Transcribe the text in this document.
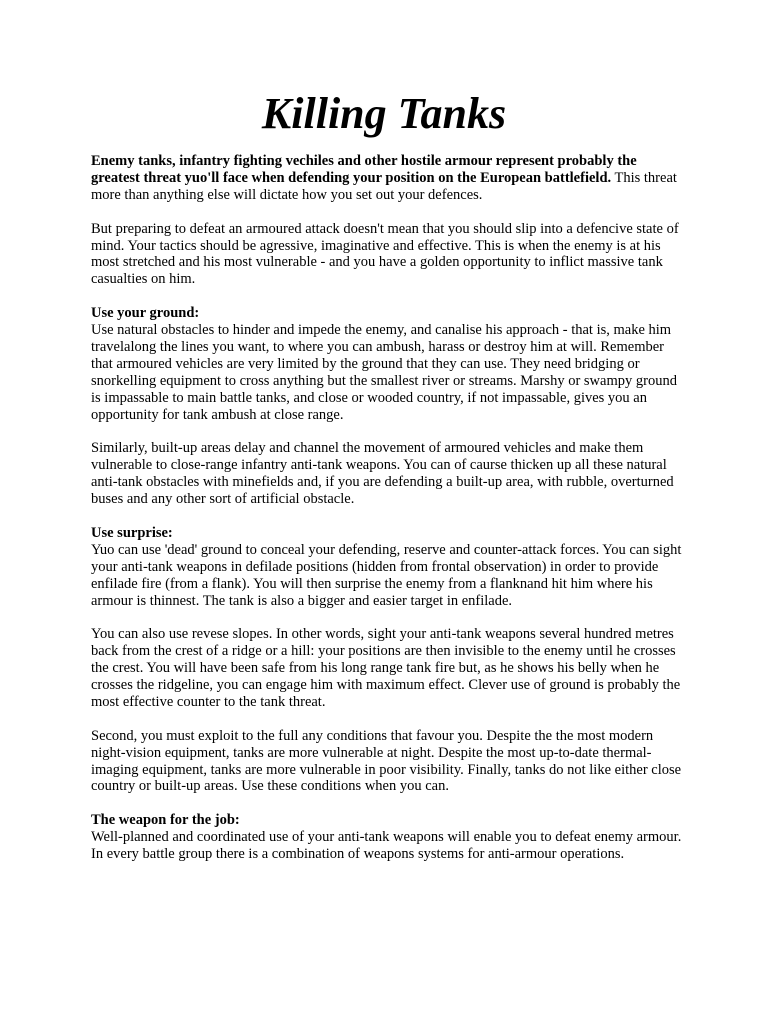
Killing Tanks

Enemy tanks, infantry fighting vechiles and other hostile armour represent probably the greatest threat yuo'll face when defending your position on the European battlefield. This threat more than anything else will dictate how you set out your defences.

But preparing to defeat an armoured attack doesn't mean that you should slip into a defencive state of mind. Your tactics should be agressive, imaginative and effective. This is when the enemy is at his most stretched and his most vulnerable - and you have a golden opportunity to inflict massive tank casualties on him.

Use your ground:
Use natural obstacles to hinder and impede the enemy, and canalise his approach - that is, make him travelalong the lines you want, to where you can ambush, harass or destroy him at will. Remember that armoured vehicles are very limited by the ground that they can use. They need bridging or snorkelling equipment to cross anything but the smallest river or streams. Marshy or swampy ground is impassable to main battle tanks, and close or wooded country, if not impassable, gives you an opportunity for tank ambush at close range.

Similarly, built-up areas delay and channel the movement of armoured vehicles and make them vulnerable to close-range infantry anti-tank weapons. You can of caurse thicken up all these natural anti-tank obstacles with minefields and, if you are defending a built-up area, with rubble, overturned buses and any other sort of artificial obstacle.

Use surprise:
Yuo can use 'dead' ground to conceal your defending, reserve and counter-attack forces. You can sight your anti-tank weapons in defilade positions (hidden from frontal observation) in order to provide enfilade fire (from a flank). You will then surprise the enemy from a flanknand hit him where his armour is thinnest. The tank is also a bigger and easier target in enfilade.

You can also use revese slopes. In other words, sight your anti-tank weapons several hundred metres back from the crest of a ridge or a hill: your positions are then invisible to the enemy until he crosses the crest. You will have been safe from his long range tank fire but, as he shows his belly when he crosses the ridgeline, you can engage him with maximum effect. Clever use of ground is probably the most effective counter to the tank threat.

Second, you must exploit to the full any conditions that favour you. Despite the the most modern night-vision equipment, tanks are more vulnerable at night. Despite the most up-to-date thermal-imaging equipment, tanks are more vulnerable in poor visibility. Finally, tanks do not like either close country or built-up areas. Use these conditions when you can.

The weapon for the job:
Well-planned and coordinated use of your anti-tank weapons will enable you to defeat enemy armour. In every battle group there is a combination of weapons systems for anti-armour operations.
